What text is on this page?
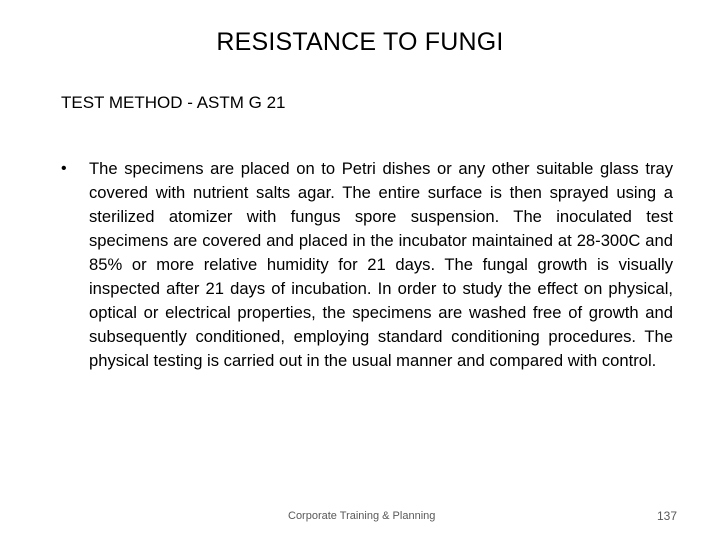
RESISTANCE TO FUNGI
TEST METHOD - ASTM G 21
• The specimens are placed on to Petri dishes or any other suitable glass tray covered with nutrient salts agar. The entire surface is then sprayed using a sterilized atomizer with fungus spore suspension. The inoculated test specimens are covered and placed in the incubator maintained at 28-300C and 85% or more relative humidity for 21 days. The fungal growth is visually inspected after 21 days of incubation. In order to study the effect on physical, optical or electrical properties, the specimens are washed free of growth and subsequently conditioned, employing standard conditioning procedures. The physical testing is carried out in the usual manner and compared with control.
Corporate Training & Planning	137
